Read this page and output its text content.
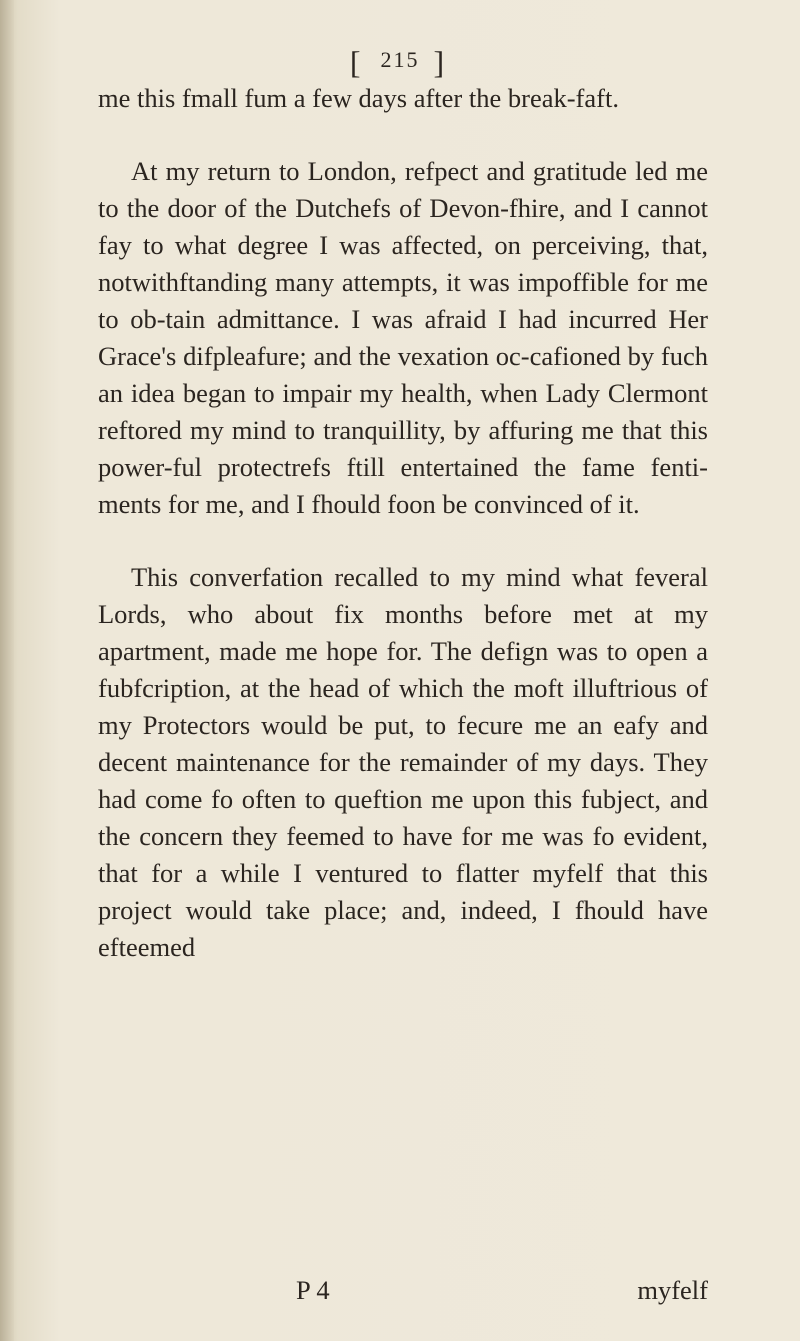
[ 215 ]

me this fmall fum a few days after the break-faft.

At my return to London, refpect and gratitude led me to the door of the Dutchefs of Devon-fhire, and I cannot fay to what degree I was affected, on perceiving, that, notwithftanding many attempts, it was impoffible for me to ob-tain admittance. I was afraid I had incurred Her Grace's difpleafure; and the vexation oc-cafioned by fuch an idea began to impair my health, when Lady Clermont reftored my mind to tranquillity, by affuring me that this power-ful protectrefs ftill entertained the fame fenti-ments for me, and I fhould foon be convinced of it.

This converfation recalled to my mind what feveral Lords, who about fix months before met at my apartment, made me hope for. The defign was to open a fubfcription, at the head of which the moft illuftrious of my Protectors would be put, to fecure me an eafy and decent maintenance for the remainder of my days. They had come fo often to queftion me upon this fubject, and the concern they feemed to have for me was fo evident, that for a while I ventured to flatter myfelf that this project would take place; and, indeed, I fhould have efteemed

P 4	myfelf
